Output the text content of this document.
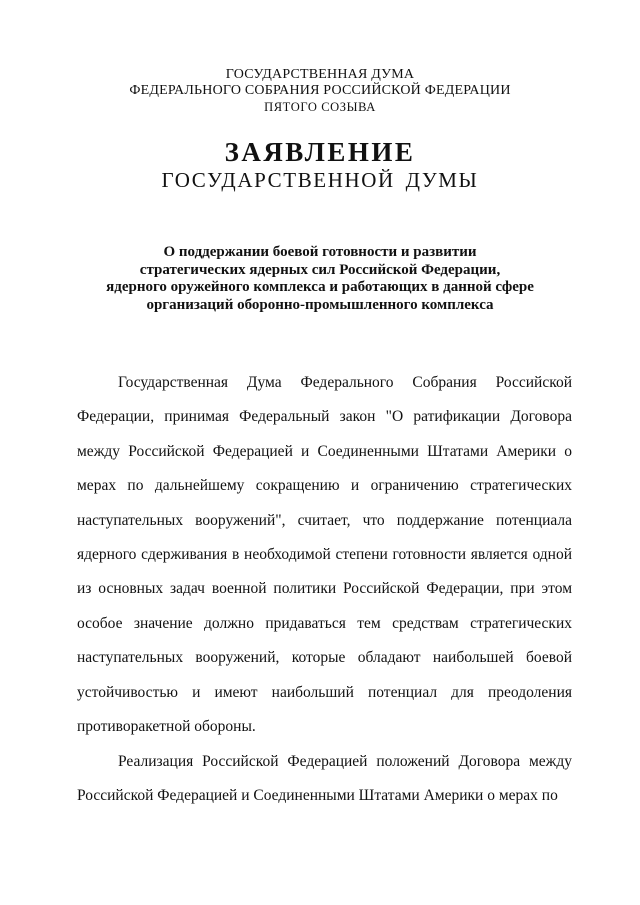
ГОСУДАРСТВЕННАЯ ДУМА
ФЕДЕРАЛЬНОГО СОБРАНИЯ РОССИЙСКОЙ ФЕДЕРАЦИИ
ПЯТОГО СОЗЫВА
ЗАЯВЛЕНИЕ
ГОСУДАРСТВЕННОЙ ДУМЫ
О поддержании боевой готовности и развитии
стратегических ядерных сил Российской Федерации,
ядерного оружейного комплекса и работающих в данной сфере
организаций оборонно-промышленного комплекса

Государственная Дума Федерального Собрания Российской Федерации, принимая Федеральный закон "О ратификации Договора между Российской Федерацией и Соединенными Штатами Америки о мерах по дальнейшему сокращению и ограничению стратегических наступательных вооружений", считает, что поддержание потенциала ядерного сдерживания в необходимой степени готовности является одной из основных задач военной политики Российской Федерации, при этом особое значение должно придаваться тем средствам стратегических наступательных вооружений, которые обладают наибольшей боевой устойчивостью и имеют наибольший потенциал для преодоления противоракетной обороны.

Реализация Российской Федерацией положений Договора между Российской Федерацией и Соединенными Штатами Америки о мерах по
